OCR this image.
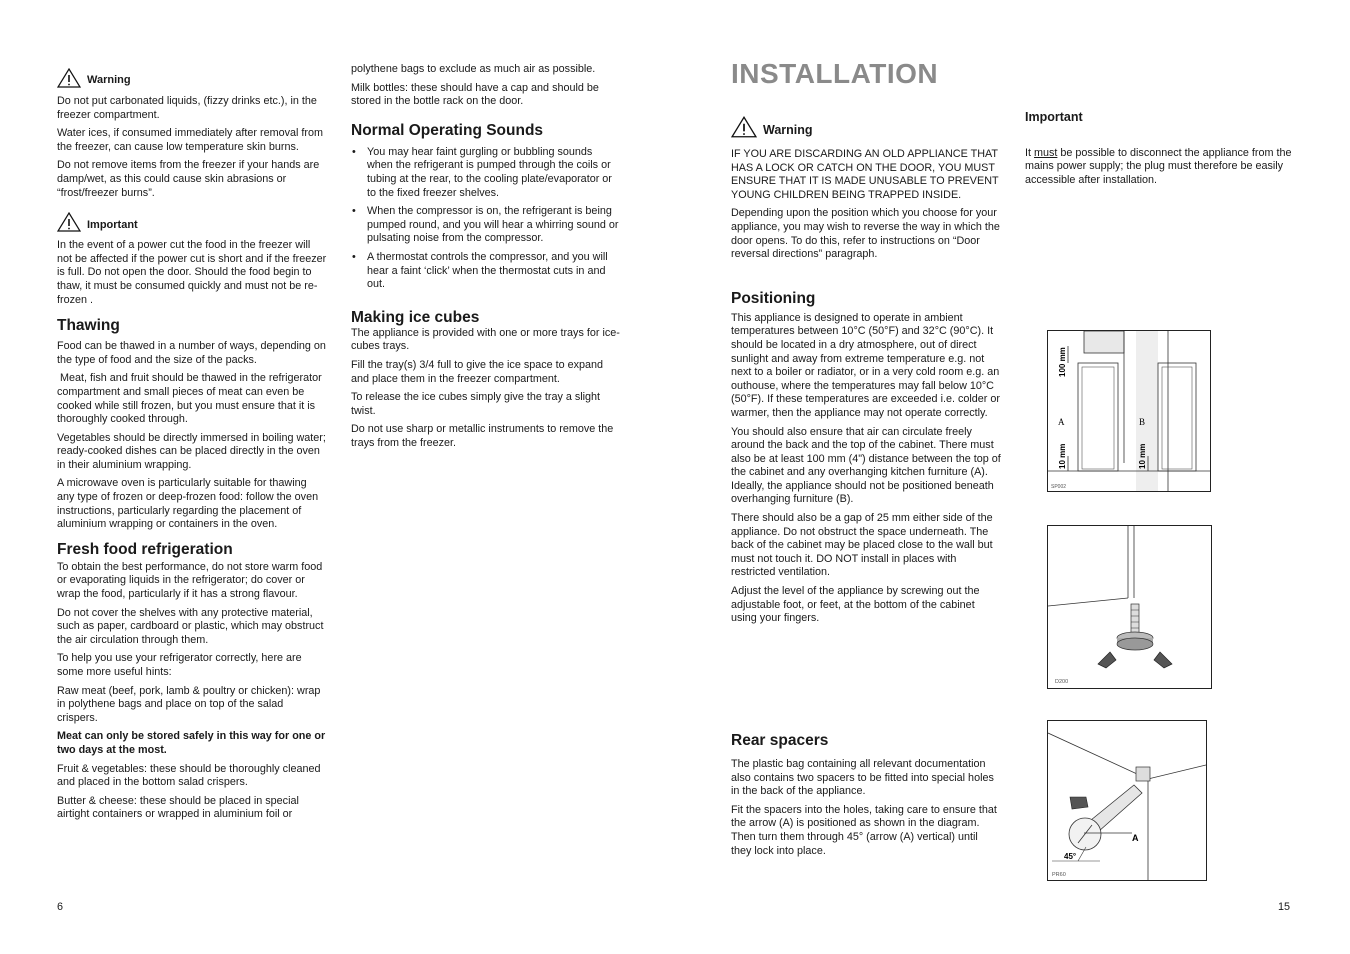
Warning

Do not put carbonated liquids, (fizzy drinks etc.), in the freezer compartment.

Water ices, if consumed immediately after removal from the freezer, can cause low temperature skin burns.

Do not remove items from the freezer if your hands are damp/wet, as this could cause skin abrasions or “frost/freezer burns”.

Important

In the event of a power cut the food in the freezer will not be affected if the power cut is short and if the freezer is full. Do not open the door. Should the food begin to thaw, it must be consumed quickly and must not be re-frozen .

Thawing

Food can be thawed in a number of ways, depending on the type of food and the size of the packs.

Meat, fish and fruit should be thawed in the refrigerator compartment and small pieces of meat can even be cooked while still frozen, but you must ensure that it is thoroughly cooked through.

Vegetables should be directly immersed in boiling water; ready-cooked dishes can be placed directly in the oven in their aluminium wrapping.

A microwave oven is particularly suitable for thawing any type of frozen or deep-frozen food: follow the oven instructions, particularly regarding the placement of aluminium wrapping or containers in the oven.

Fresh food refrigeration

To obtain the best performance, do not store warm food or evaporating liquids in the refrigerator; do cover or wrap the food, particularly if it has a strong flavour.

Do not cover the shelves with any protective material, such as paper, cardboard or plastic, which may obstruct the air circulation through them.

To help you use your refrigerator correctly, here are some more useful hints:

Raw meat (beef, pork, lamb & poultry or chicken): wrap in polythene bags and place on top of the salad crispers.

Meat can only be stored safely in this way for one or two days at the most.

Fruit & vegetables: these should be thoroughly cleaned and placed in the bottom salad crispers.

Butter & cheese: these should be placed in special airtight containers or wrapped in aluminium foil or

polythene bags to exclude as much air as possible.

Milk bottles: these should have a cap and should be stored in the bottle rack on the door.

Normal Operating Sounds
• You may hear faint gurgling or bubbling sounds when the refrigerant is pumped through the coils or tubing at the rear, to the cooling plate/evaporator or to the fixed freezer shelves.
• When the compressor is on, the refrigerant is being pumped round, and you will hear a whirring sound or pulsating noise from the compressor.
• A thermostat controls the compressor, and you will hear a faint ‘click’ when the thermostat cuts in and out.
Making ice cubes

The appliance is provided with one or more trays for ice-cubes trays.

Fill the tray(s) 3/4 full to give the ice space to expand and place them in the freezer compartment.

To release the ice cubes simply give the tray a slight twist.

Do not use sharp or metallic instruments to remove the trays from the freezer.

6
INSTALLATION
Warning

IF YOU ARE DISCARDING AN OLD APPLIANCE THAT HAS A LOCK OR CATCH ON THE DOOR, YOU MUST ENSURE THAT IT IS MADE UNUSABLE TO PREVENT YOUNG CHILDREN BEING TRAPPED INSIDE.

Depending upon the position which you choose for your appliance, you may wish to reverse the way in which the door opens. To do this, refer to instructions on “Door reversal directions” paragraph.

Positioning

This appliance is designed to operate in ambient temperatures between 10°C (50°F) and 32°C (90°C). It should be located in a dry atmosphere, out of direct sunlight and away from extreme temperature e.g. not next to a boiler or radiator, or in a very cold room e.g. an outhouse, where the temperatures may fall below 10°C (50°F). If these temperatures are exceeded i.e. colder or warmer, then the appliance may not operate correctly.

You should also ensure that air can circulate freely around the back and the top of the cabinet. There must also be at least 100 mm (4") distance between the top of the cabinet and any overhanging kitchen furniture (A). Ideally, the appliance should not be positioned beneath overhanging furniture (B).

There should also be a gap of 25 mm either side of the appliance. Do not obstruct the space underneath. The back of the cabinet may be placed close to the wall but must not touch it. DO NOT install in places with restricted ventilation.

Adjust the level of the appliance by screwing out the adjustable foot, or feet, at the bottom of the cabinet using your fingers.

Rear spacers

The plastic bag containing all relevant documentation also contains two spacers to be fitted into special holes in the back of the appliance.

Fit the spacers into the holes, taking care to ensure that the arrow (A) is positioned as shown in the diagram. Then turn them through 45° (arrow (A) vertical) until they lock into place.

Important

It must be possible to disconnect the appliance from the mains power supply; the plug must therefore be easily accessible after installation.

100 mm
10 mm	10 mm
A	B
SP002
D200
A
45°
PR60
15
